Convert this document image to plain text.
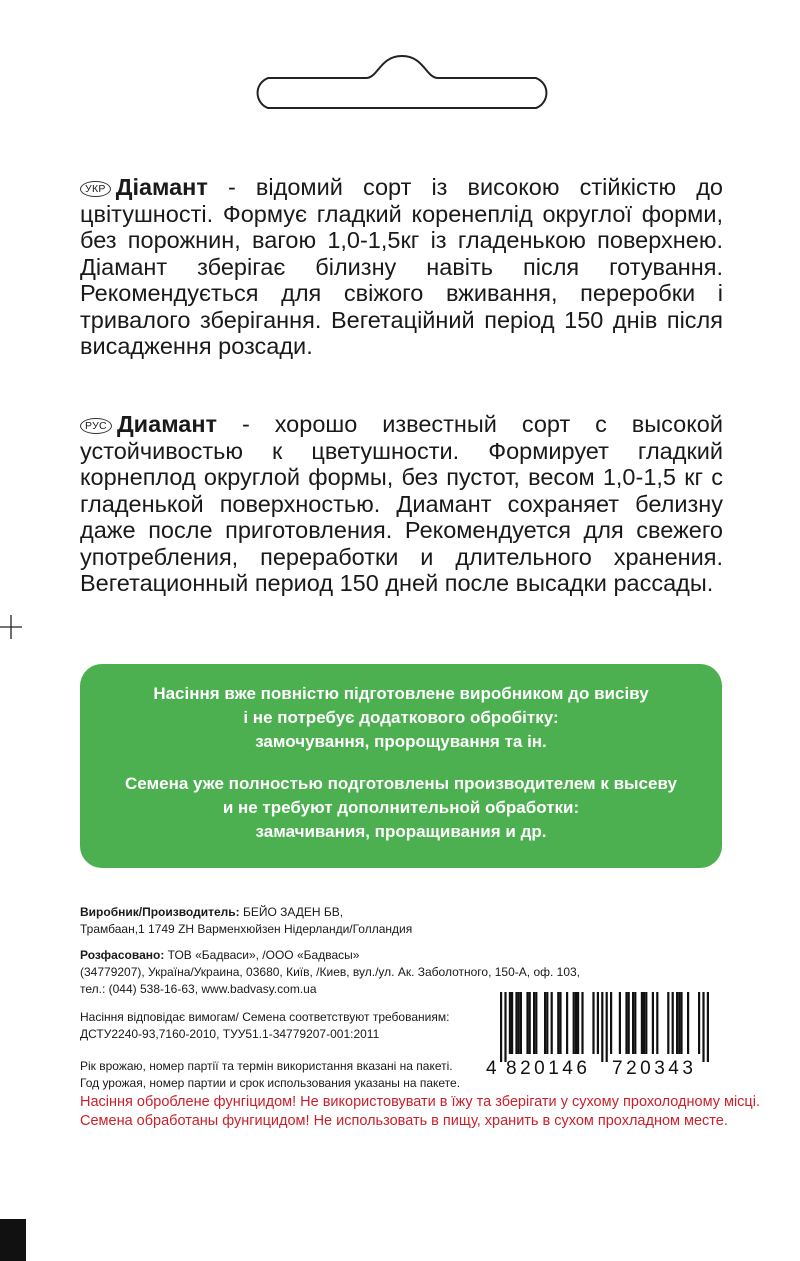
УКР Діамант - відомий сорт із високою стійкістю до цвітушності. Формує гладкий коренеплід округлої форми, без порожнин, вагою 1,0-1,5кг із гладенькою поверхнею. Діамант зберігає білизну навіть після готування. Рекомендується для свіжого вживання, переробки і тривалого зберігання. Вегетаційний період 150 днів після висадження розсади.

РУС Диамант - хорошо известный сорт с высокой устойчивостью к цветушности. Формирует гладкий корнеплод округлой формы, без пустот, весом 1,0-1,5 кг с гладенькой поверхностью. Диамант сохраняет белизну даже после приготовления. Рекомендуется для свежего употребления, переработки и длительного хранения. Вегетационный период 150 дней после высадки рассады.

Насіння вже повністю підготовлене виробником до висіву
і не потребує додаткового обробітку:
замочування, пророщування та ін.
Семена уже полностью подготовлены производителем к высеву
и не требуют дополнительной обработки:
замачивания, проращивания и др.
Виробник/Производитель: БЕЙО ЗАДЕН БВ,
Трамбаан,1 1749 ZH Варменхюйзен Нідерланди/Голландия
Розфасовано: ТОВ «Бадваси», /ООО «Бадвасы»
(34779207), Україна/Украина, 03680, Київ, /Киев, вул./ул. Ак. Заболотного, 150-А, оф. 103,
тел.: (044) 538-16-63, www.badvasy.com.ua
Насіння відповідає вимогам/ Семена соответствуют требованиям:
ДСТУ2240-93,7160-2010, ТУУ51.1-34779207-001:2011
Рік врожаю, номер партії та термін використання вказані на пакеті.
Год урожая, номер партии и срок использования указаны на пакете.
Насіння оброблене фунгіцидом! Не використовувати в їжу та зберігати у сухому прохолодному місці.
Семена обработаны фунгицидом! Не использовать в пищу, хранить в сухом прохладном месте.
4 820146 720343
